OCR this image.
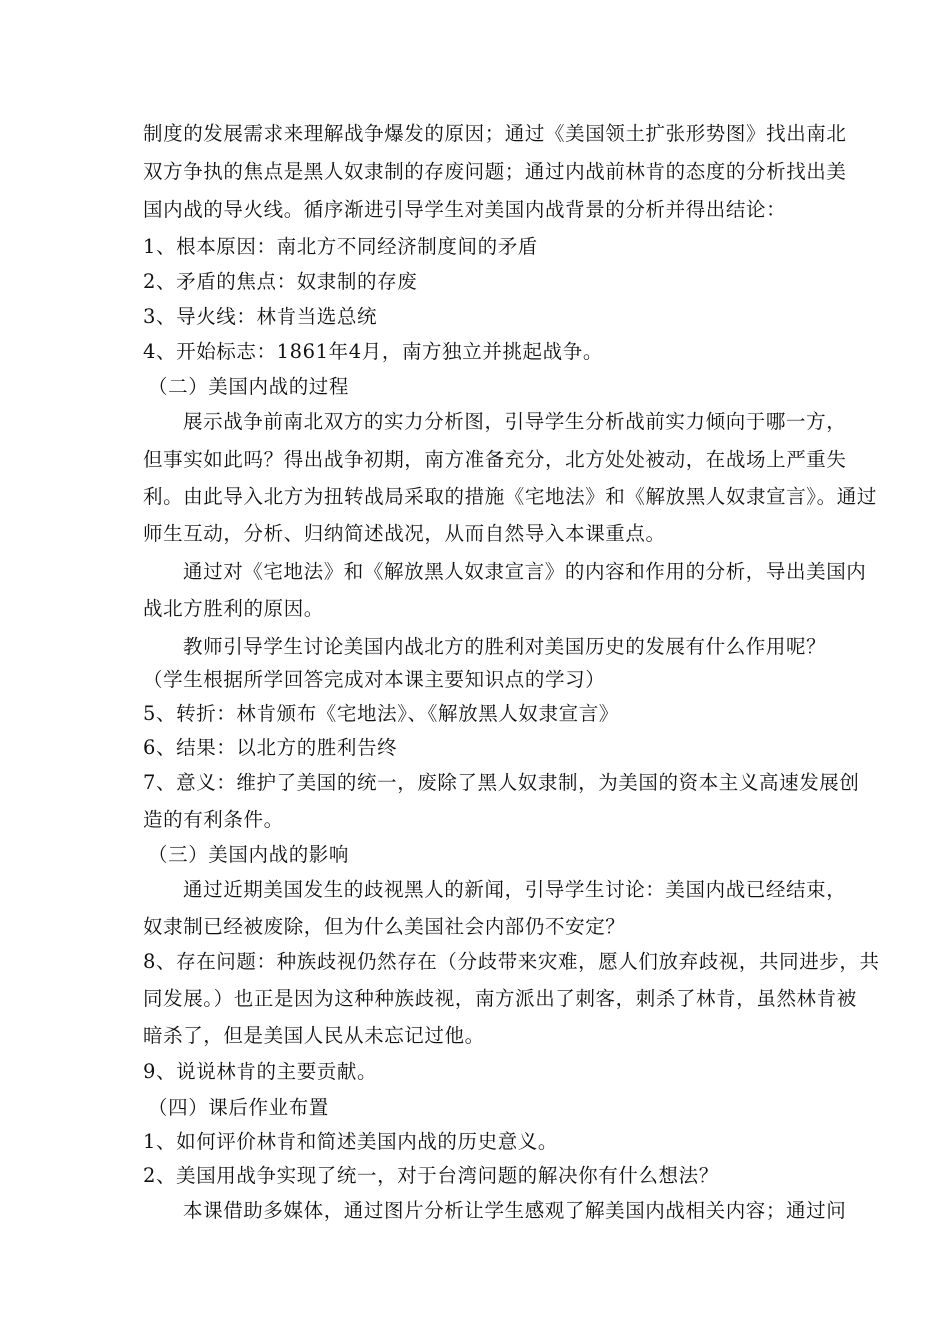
制度的发展需求来理解战争爆发的原因；通过《美国领土扩张形势图》找出南北
双方争执的焦点是黑人奴隶制的存废问题；通过内战前林肯的态度的分析找出美
国内战的导火线。循序渐进引导学生对美国内战背景的分析并得出结论：
1、根本原因：南北方不同经济制度间的矛盾
2、矛盾的焦点：奴隶制的存废
3、导火线：林肯当选总统
4、开始标志：1861年4月，南方独立并挑起战争。
（二）美国内战的过程
展示战争前南北双方的实力分析图，引导学生分析战前实力倾向于哪一方，
但事实如此吗？得出战争初期，南方准备充分，北方处处被动，在战场上严重失
利。由此导入北方为扭转战局采取的措施《宅地法》和《解放黑人奴隶宣言》。通过
师生互动，分析、归纳简述战况，从而自然导入本课重点。
通过对《宅地法》和《解放黑人奴隶宣言》的内容和作用的分析，导出美国内
战北方胜利的原因。
教师引导学生讨论美国内战北方的胜利对美国历史的发展有什么作用呢？
（学生根据所学回答完成对本课主要知识点的学习）
5、转折：林肯颁布《宅地法》、《解放黑人奴隶宣言》
6、结果：以北方的胜利告终
7、意义：维护了美国的统一，废除了黑人奴隶制，为美国的资本主义高速发展创
造的有利条件。
（三）美国内战的影响
通过近期美国发生的歧视黑人的新闻，引导学生讨论：美国内战已经结束，
奴隶制已经被废除，但为什么美国社会内部仍不安定？
8、存在问题：种族歧视仍然存在（分歧带来灾难，愿人们放弃歧视，共同进步，共
同发展。）也正是因为这种种族歧视，南方派出了刺客，刺杀了林肯，虽然林肯被
暗杀了，但是美国人民从未忘记过他。
9、说说林肯的主要贡献。
（四）课后作业布置
1、如何评价林肯和简述美国内战的历史意义。
2、美国用战争实现了统一，对于台湾问题的解决你有什么想法？
本课借助多媒体，通过图片分析让学生感观了解美国内战相关内容；通过问
